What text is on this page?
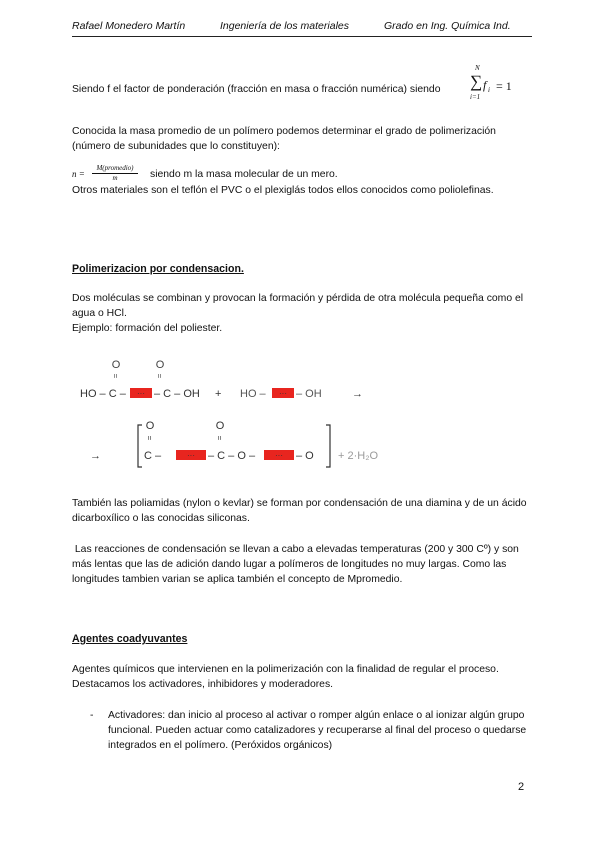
Rafael Monedero Martín	Ingeniería de los materiales	Grado en Ing. Química Ind.
Siendo f el factor de ponderación (fracción en masa o fracción numérica) siendo
N
∑
i=1
f i = 1
Conocida la masa promedio de un polímero podemos determinar el grado de polimerización (número de subunidades que lo constituyen):
n =
M(promedio)
m	siendo m la masa molecular de un mero.
Otros materiales son el teflón el PVC o el plexiglás todos ellos conocidos como poliolefinas.
Polimerizacion por condensacion.
Dos moléculas se combinan y provocan la formación y pérdida de otra molécula pequeña como el agua o HCl.
Ejemplo: formación del poliester.
O
=
O
=
HO – C – ··· – C – OH + HO – ··· – OH	→
→
O
=
O
=
C –	··· – C – O – ··· – O + 2·H₂O
También las poliamidas (nylon o kevlar) se forman por condensación de una diamina y de un ácido dicarboxílico o las conocidas siliconas.
Las reacciones de condensación se llevan a cabo a elevadas temperaturas (200 y 300 Cº) y son más lentas que las de adición dando lugar a polímeros de longitudes no muy largas. Como las longitudes tambien varian se aplica también el concepto de Mpromedio.
Agentes coadyuvantes
Agentes químicos que intervienen en la polimerización con la finalidad de regular el proceso. Destacamos los activadores, inhibidores y moderadores.
-	Activadores: dan inicio al proceso al activar o romper algún enlace o al ionizar algún grupo funcional. Pueden actuar como catalizadores y recuperarse al final del proceso o quedarse integrados en el polímero. (Peróxidos orgánicos)
2
